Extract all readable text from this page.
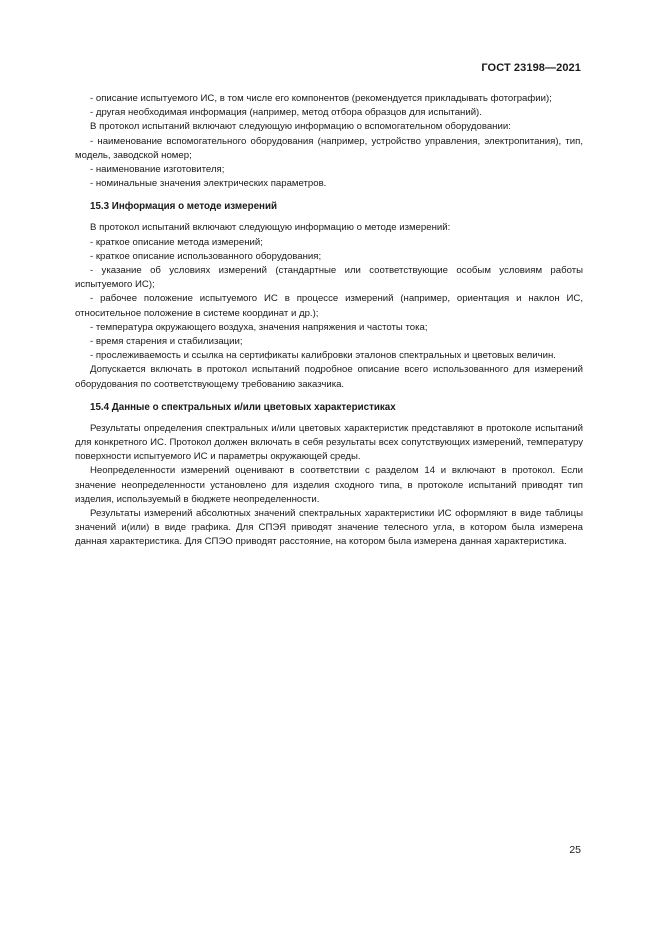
ГОСТ 23198—2021

- описание испытуемого ИС, в том числе его компонентов (рекомендуется прикладывать фотографии);

- другая необходимая информация (например, метод отбора образцов для испытаний).

В протокол испытаний включают следующую информацию о вспомогательном оборудовании:

- наименование вспомогательного оборудования (например, устройство управления, электропитания), тип, модель, заводской номер;

- наименование изготовителя;

- номинальные значения электрических параметров.

15.3 Информация о методе измерений

В протокол испытаний включают следующую информацию о методе измерений:

- краткое описание метода измерений;

- краткое описание использованного оборудования;

- указание об условиях измерений (стандартные или соответствующие особым условиям работы испытуемого ИС);

- рабочее положение испытуемого ИС в процессе измерений (например, ориентация и наклон ИС, относительное положение в системе координат и др.);

- температура окружающего воздуха, значения напряжения и частоты тока;

- время старения и стабилизации;

- прослеживаемость и ссылка на сертификаты калибровки эталонов спектральных и цветовых величин.

Допускается включать в протокол испытаний подробное описание всего использованного для измерений оборудования по соответствующему требованию заказчика.

15.4 Данные о спектральных и/или цветовых характеристиках

Результаты определения спектральных и/или цветовых характеристик представляют в протоколе испытаний для конкретного ИС. Протокол должен включать в себя результаты всех сопутствующих измерений, температуру поверхности испытуемого ИС и параметры окружающей среды.

Неопределенности измерений оценивают в соответствии с разделом 14 и включают в протокол. Если значение неопределенности установлено для изделия сходного типа, в протоколе испытаний приводят тип изделия, используемый в бюджете неопределенности.

Результаты измерений абсолютных значений спектральных характеристики ИС оформляют в виде таблицы значений и(или) в виде графика. Для СПЭЯ приводят значение телесного угла, в котором была измерена данная характеристика. Для СПЭО приводят расстояние, на котором была измерена данная характеристика.

25
